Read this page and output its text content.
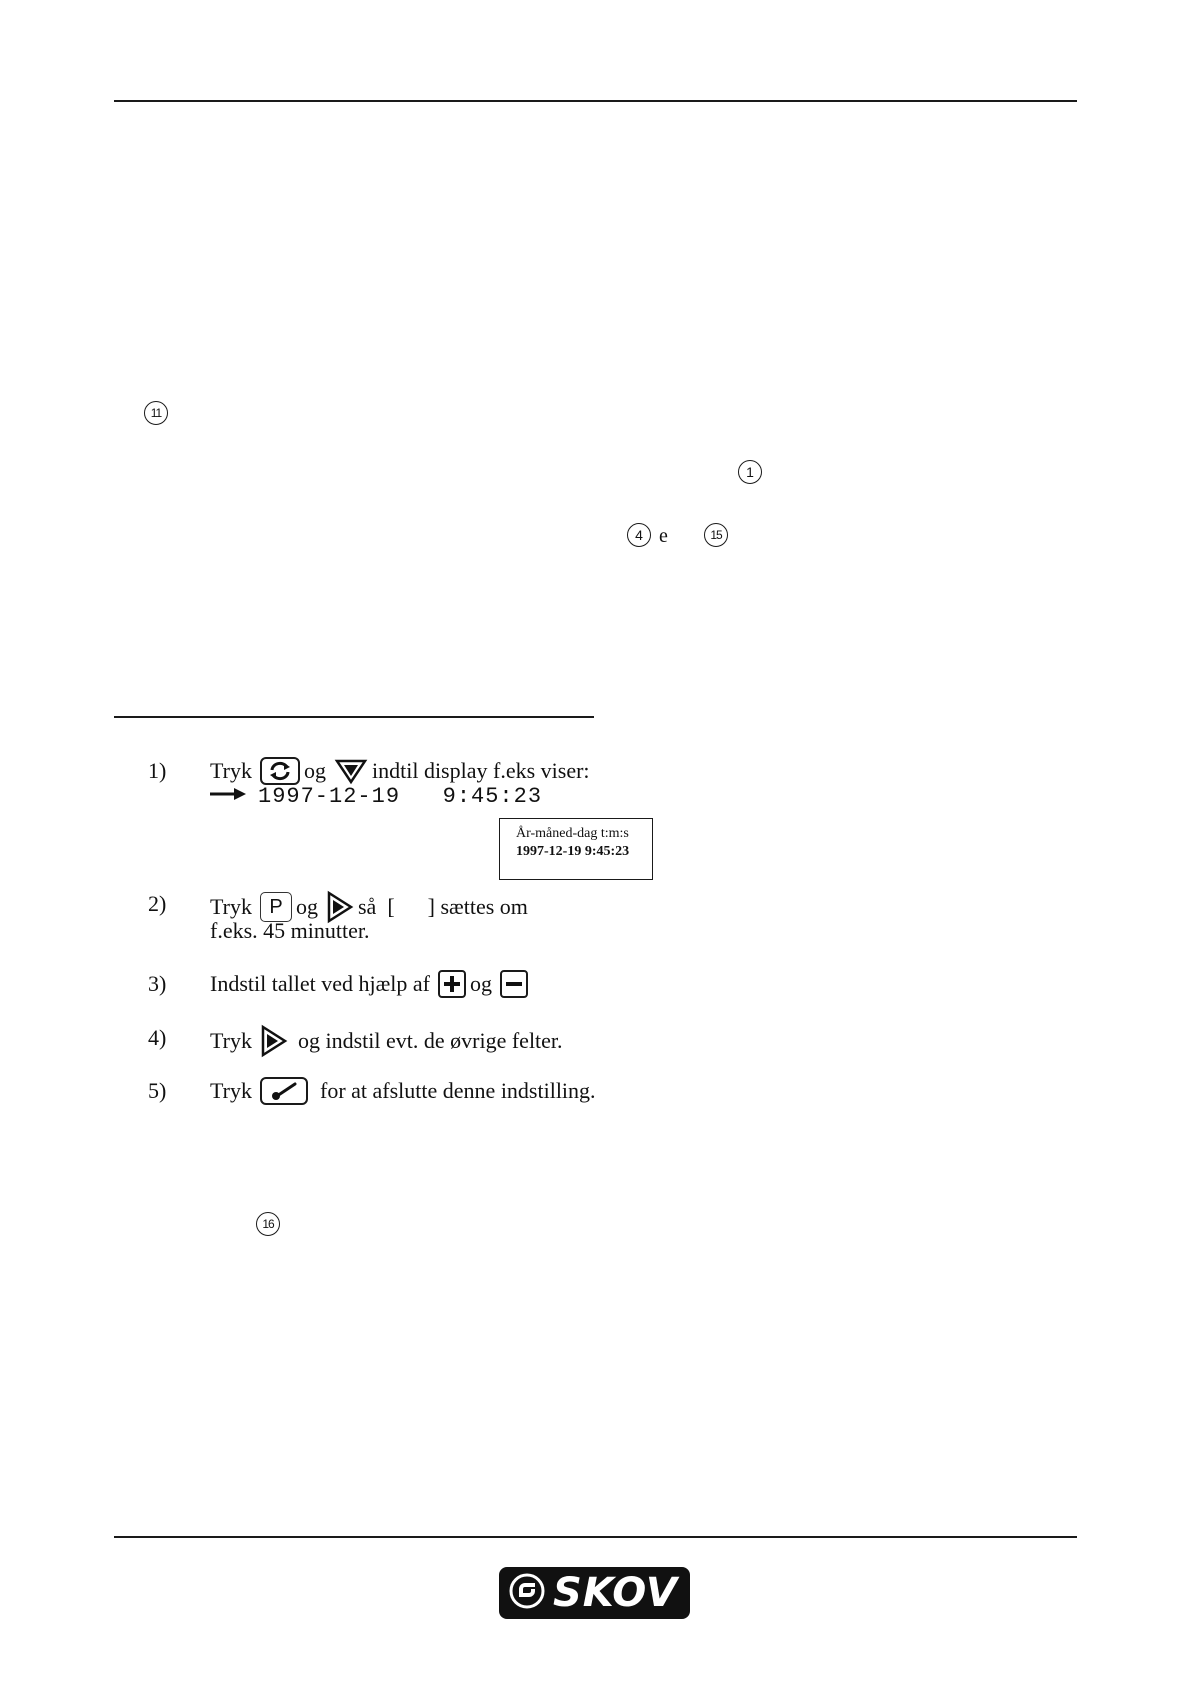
11
1
4 e	15
16
1) Tryk og indtil display f.eks viser:
1997-12-19   9:45:23
År-måned-dag t:m:s
1997-12-19 9:45:23
2) Tryk P og så  [      ] sættes om
f.eks. 45 minutter.
3) Indstil tallet ved hjælp af og
4) Tryk og indstil evt. de øvrige felter.
5) Tryk	for at afslutte denne indstilling.
SKOV
